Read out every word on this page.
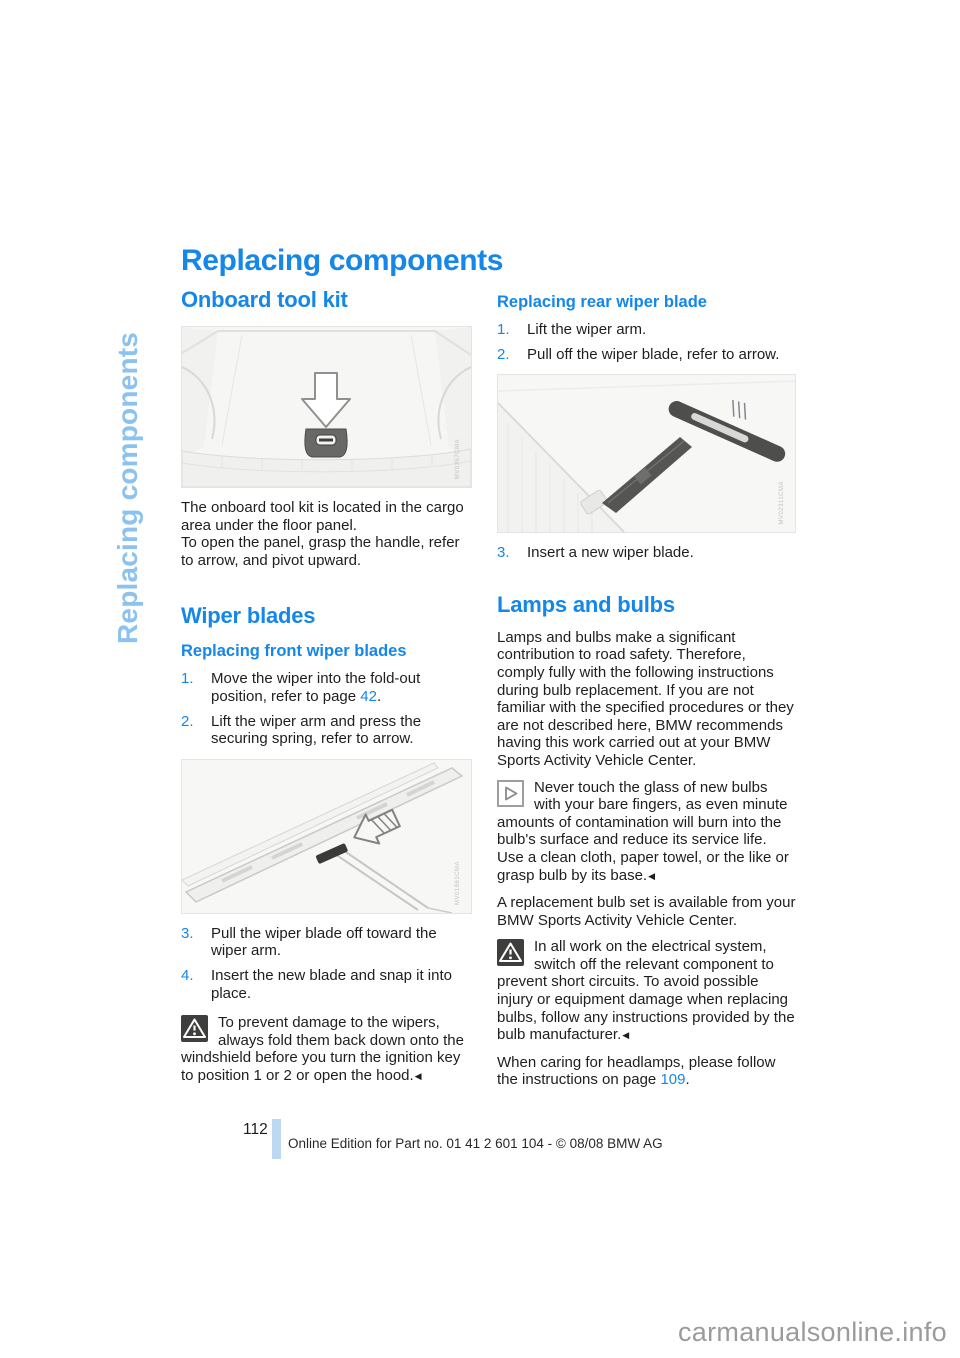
Replacing components
Replacing components
Onboard tool kit
MV0367CMA

The onboard tool kit is located in the cargo area under the floor panel.

To open the panel, grasp the handle, refer to arrow, and pivot upward.

Wiper blades
Replacing front wiper blades
1.	Move the wiper into the fold-out position, refer to page 42.
2.	Lift the wiper arm and press the securing spring, refer to arrow.
MV01861CMA
3.	Pull the wiper blade off toward the wiper arm.
4.	Insert the new blade and snap it into place.
To prevent damage to the wipers, always fold them back down onto the windshield before you turn the ignition key to position 1 or 2 or open the hood.◀
Replacing rear wiper blade
1.	Lift the wiper arm.
2.	Pull off the wiper blade, refer to arrow.
MV02311CMA
3.	Insert a new wiper blade.
Lamps and bulbs

Lamps and bulbs make a significant contribution to road safety. Therefore, comply fully with the following instructions during bulb replacement. If you are not familiar with the specified procedures or they are not described here, BMW recommends having this work carried out at your BMW Sports Activity Vehicle Center.

Never touch the glass of new bulbs with your bare fingers, as even minute amounts of contamination will burn into the bulb's surface and reduce its service life. Use a clean cloth, paper towel, or the like or grasp bulb by its base.◀

A replacement bulb set is available from your BMW Sports Activity Vehicle Center.

In all work on the electrical system, switch off the relevant component to prevent short circuits. To avoid possible injury or equipment damage when replacing bulbs, follow any instructions provided by the bulb manufacturer.◀

When caring for headlamps, please follow the instructions on page 109.

112
Online Edition for Part no. 01 41 2 601 104 - © 08/08 BMW AG
carmanualsonline.info
